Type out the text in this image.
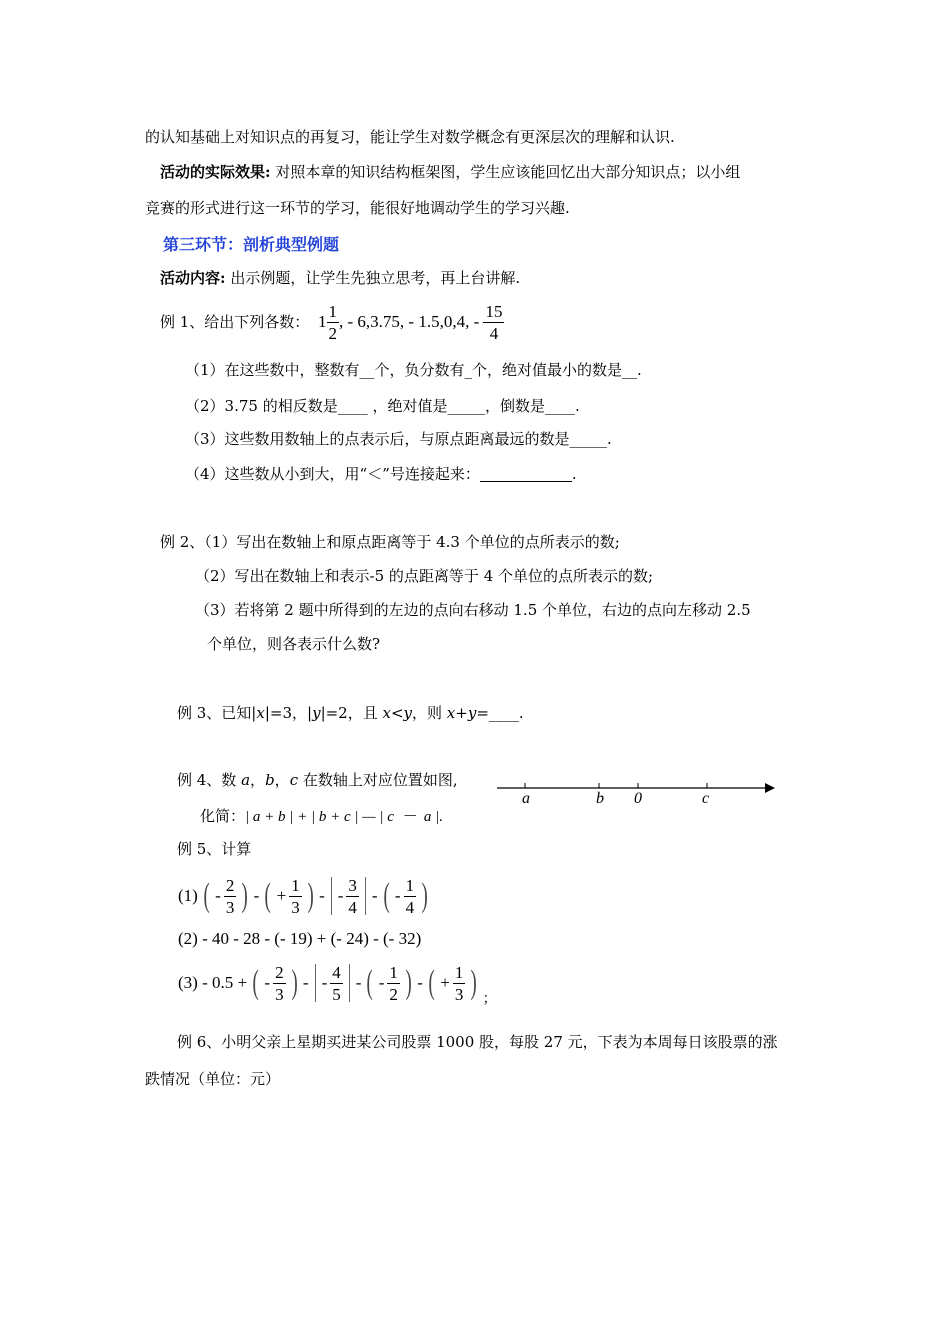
的认知基础上对知识点的再复习，能让学生对数学概念有更深层次的理解和认识.
活动的实际效果: 对照本章的知识结构框架图，学生应该能回忆出大部分知识点；以小组
竞赛的形式进行这一环节的学习，能很好地调动学生的学习兴趣.
第三环节：剖析典型例题
活动内容: 出示例题，让学生先独立思考，再上台讲解.
例 1、给出下列各数： $1 \frac{1}{2}$ , - 6,3.75, - 1.5,0,4, - $\frac{15}{4}$
（1）在这些数中，整数有__个，负分数有_个，绝对值最小的数是__.
（2）3.75 的相反数是____ ，绝对值是_____，倒数是____.
（3）这些数用数轴上的点表示后，与原点距离最远的数是_____.
（4）这些数从小到大，用“＜”号连接起来：	.
例 2、（1）写出在数轴上和原点距离等于 4.3 个单位的点所表示的数;
（2）写出在数轴上和表示-5 的点距离等于 4 个单位的点所表示的数;
（3）若将第 2 题中所得到的左边的点向右移动 1.5 个单位，右边的点向左移动 2.5
个单位，则各表示什么数?
例 3、已知|x|=3，|y|=2，且 x<y，则 x+y=____.
例 4、数 a，b，c 在数轴上对应位置如图,
化简：| a + b | + | b + c | — | c  －  a |.
a	b 0	c
例 5、计算
(1) ( - $\frac{2}{3}$ ) - ( + $\frac{1}{3}$ ) - - $\frac{3}{4}$ - ( - $\frac{1}{4}$ )
(2) - 40 - 28 - (- 19) + (- 24) - (- 32)
(3) - 0.5 + ( - $\frac{2}{3}$ ) - - $\frac{4}{5}$ - ( - $\frac{1}{2}$ ) - ( + $\frac{1}{3}$ ) ；
例 6、小明父亲上星期买进某公司股票 1000 股，每股 27 元，下表为本周每日该股票的涨
跌情况（单位：元）
